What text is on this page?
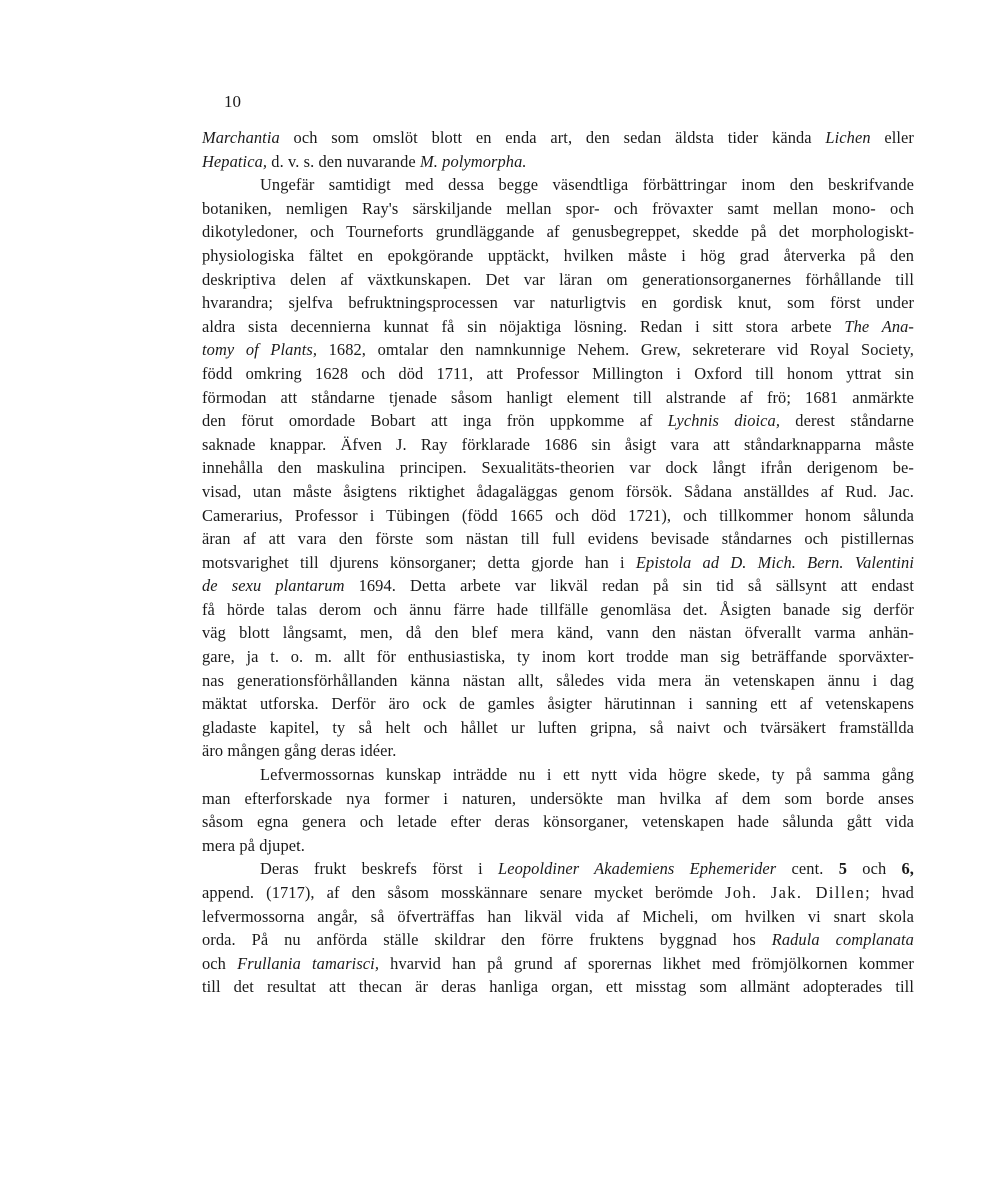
10
Marchantia och som omslöt blott en enda art, den sedan äldsta tider kända Lichen eller
Hepatica, d. v. s. den nuvarande M. polymorpha.
Ungefär samtidigt med dessa begge väsendtliga förbättringar inom den beskrifvande
botaniken, nemligen Ray's särskiljande mellan spor- och frövaxter samt mellan mono- och
dikotyledoner, och Tourneforts grundläggande af genusbegreppet, skedde på det morphologiskt-
physiologiska fältet en epokgörande upptäckt, hvilken måste i hög grad återverka på den
deskriptiva delen af växtkunskapen. Det var läran om generationsorganernes förhållande till
hvarandra; sjelfva befruktningsprocessen var naturligtvis en gordisk knut, som först under
aldra sista decennierna kunnat få sin nöjaktiga lösning. Redan i sitt stora arbete The Ana-
tomy of Plants, 1682, omtalar den namnkunnige Nehem. Grew, sekreterare vid Royal Society,
född omkring 1628 och död 1711, att Professor Millington i Oxford till honom yttrat sin
förmodan att ståndarne tjenade såsom hanligt element till alstrande af frö; 1681 anmärkte
den förut omordade Bobart att inga frön uppkomme af Lychnis dioica, derest ståndarne
saknade knappar. Äfven J. Ray förklarade 1686 sin åsigt vara att ståndarknapparna måste
innehålla den maskulina principen. Sexualitäts-theorien var dock långt ifrån derigenom be-
visad, utan måste åsigtens riktighet ådagaläggas genom försök. Sådana anställdes af Rud. Jac.
Camerarius, Professor i Tübingen (född 1665 och död 1721), och tillkommer honom sålunda
äran af att vara den förste som nästan till full evidens bevisade ståndarnes och pistillernas
motsvarighet till djurens könsorganer; detta gjorde han i Epistola ad D. Mich. Bern. Valentini
de sexu plantarum 1694. Detta arbete var likväl redan på sin tid så sällsynt att endast
få hörde talas derom och ännu färre hade tillfälle genomläsa det. Åsigten banade sig derför
väg blott långsamt, men, då den blef mera känd, vann den nästan öfverallt varma anhän-
gare, ja t. o. m. allt för enthusiastiska, ty inom kort trodde man sig beträffande sporväxter-
nas generationsförhållanden känna nästan allt, således vida mera än vetenskapen ännu i dag
mäktat utforska. Derför äro ock de gamles åsigter härutinnan i sanning ett af vetenskapens
gladaste kapitel, ty så helt och hållet ur luften gripna, så naivt och tvärsäkert framställda
äro mången gång deras idéer.
Lefvermossornas kunskap inträdde nu i ett nytt vida högre skede, ty på samma gång
man efterforskade nya former i naturen, undersökte man hvilka af dem som borde anses
såsom egna genera och letade efter deras könsorganer, vetenskapen hade sålunda gått vida
mera på djupet.
Deras frukt beskrefs först i Leopoldiner Akademiens Ephemerider cent. 5 och 6,
append. (1717), af den såsom mosskännare senare mycket berömde Joh. Jak. Dillen; hvad
lefvermossorna angår, så öfverträffas han likväl vida af Micheli, om hvilken vi snart skola
orda. På nu anförda ställe skildrar den förre fruktens byggnad hos Radula complanata
och Frullania tamarisci, hvarvid han på grund af sporernas likhet med frömjölkornen kommer
till det resultat att thecan är deras hanliga organ, ett misstag som allmänt adopterades till
